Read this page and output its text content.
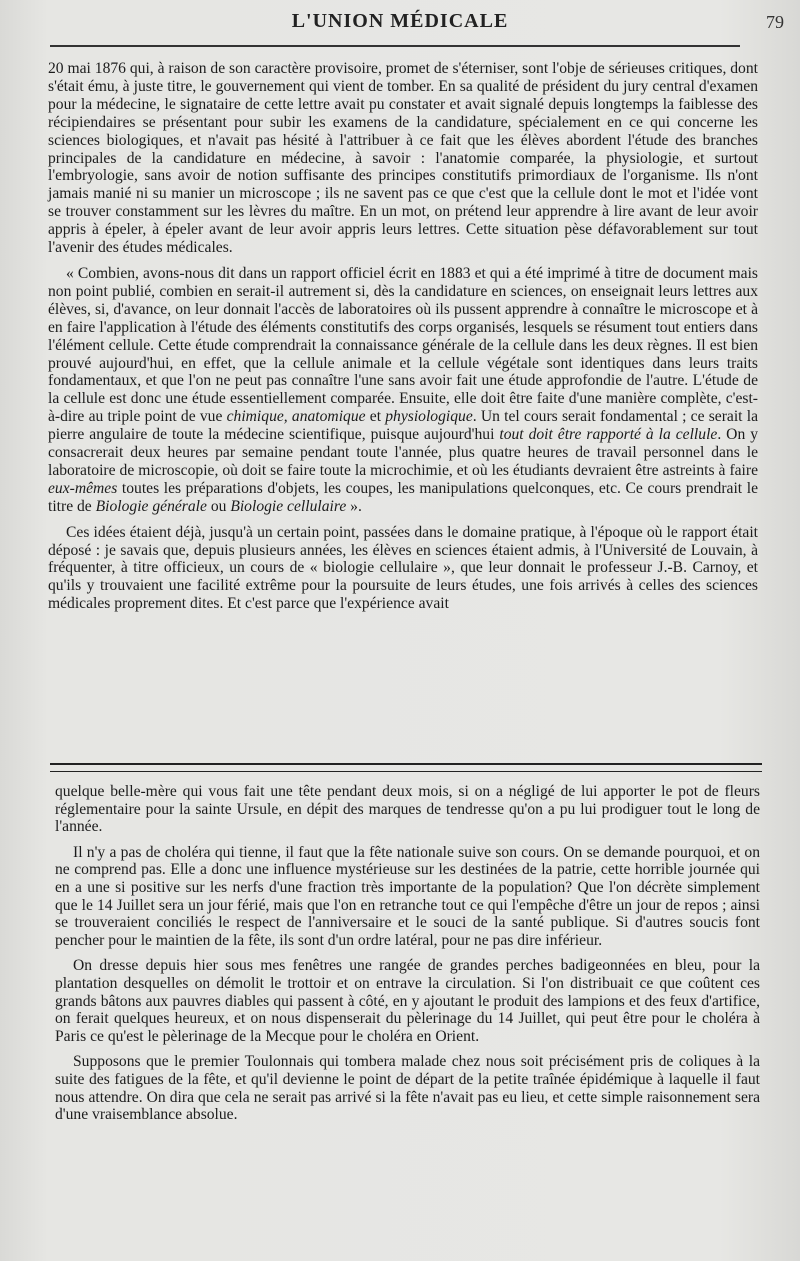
L'UNION MÉDICALE	79

20 mai 1876 qui, à raison de son caractère provisoire, promet de s'éterniser, sont l'obje de sérieuses critiques, dont s'était ému, à juste titre, le gouvernement qui vient de tomber. En sa qualité de président du jury central d'examen pour la médecine, le signataire de cette lettre avait pu constater et avait signalé depuis longtemps la faiblesse des récipiendaires se présentant pour subir les examens de la candidature, spécialement en ce qui concerne les sciences biologiques, et n'avait pas hésité à l'attribuer à ce fait que les élèves abordent l'étude des branches principales de la candidature en médecine, à savoir : l'anatomie comparée, la physiologie, et surtout l'embryologie, sans avoir de notion suffisante des principes constitutifs primordiaux de l'organisme. Ils n'ont jamais manié ni su manier un microscope ; ils ne savent pas ce que c'est que la cellule dont le mot et l'idée vont se trouver constamment sur les lèvres du maître. En un mot, on prétend leur apprendre à lire avant de leur avoir appris à épeler, à épeler avant de leur avoir appris leurs lettres. Cette situation pèse défavorablement sur tout l'avenir des études médicales.

« Combien, avons-nous dit dans un rapport officiel écrit en 1883 et qui a été imprimé à titre de document mais non point publié, combien en serait-il autrement si, dès la candidature en sciences, on enseignait leurs lettres aux élèves, si, d'avance, on leur donnait l'accès de laboratoires où ils pussent apprendre à connaître le microscope et à en faire l'application à l'étude des éléments constitutifs des corps organisés, lesquels se résument tout entiers dans l'élément cellule. Cette étude comprendrait la connaissance générale de la cellule dans les deux règnes. Il est bien prouvé aujourd'hui, en effet, que la cellule animale et la cellule végétale sont identiques dans leurs traits fondamentaux, et que l'on ne peut pas connaître l'une sans avoir fait une étude approfondie de l'autre. L'étude de la cellule est donc une étude essentiellement comparée. Ensuite, elle doit être faite d'une manière complète, c'est-à-dire au triple point de vue chimique, anatomique et physiologique. Un tel cours serait fondamental ; ce serait la pierre angulaire de toute la médecine scientifique, puisque aujourd'hui tout doit être rapporté à la cellule. On y consacrerait deux heures par semaine pendant toute l'année, plus quatre heures de travail personnel dans le laboratoire de microscopie, où doit se faire toute la microchimie, et où les étudiants devraient être astreints à faire eux-mêmes toutes les préparations d'objets, les coupes, les manipulations quelconques, etc. Ce cours prendrait le titre de Biologie générale ou Biologie cellulaire ».

Ces idées étaient déjà, jusqu'à un certain point, passées dans le domaine pratique, à l'époque où le rapport était déposé : je savais que, depuis plusieurs années, les élèves en sciences étaient admis, à l'Université de Louvain, à fréquenter, à titre officieux, un cours de « biologie cellulaire », que leur donnait le professeur J.-B. Carnoy, et qu'ils y trouvaient une facilité extrême pour la poursuite de leurs études, une fois arrivés à celles des sciences médicales proprement dites. Et c'est parce que l'expérience avait

quelque belle-mère qui vous fait une tête pendant deux mois, si on a négligé de lui apporter le pot de fleurs réglementaire pour la sainte Ursule, en dépit des marques de tendresse qu'on a pu lui prodiguer tout le long de l'année.

Il n'y a pas de choléra qui tienne, il faut que la fête nationale suive son cours. On se demande pourquoi, et on ne comprend pas. Elle a donc une influence mystérieuse sur les destinées de la patrie, cette horrible journée qui en a une si positive sur les nerfs d'une fraction très importante de la population? Que l'on décrète simplement que le 14 Juillet sera un jour férié, mais que l'on en retranche tout ce qui l'empêche d'être un jour de repos ; ainsi se trouveraient conciliés le respect de l'anniversaire et le souci de la santé publique. Si d'autres soucis font pencher pour le maintien de la fête, ils sont d'un ordre latéral, pour ne pas dire inférieur.

On dresse depuis hier sous mes fenêtres une rangée de grandes perches badigeonnées en bleu, pour la plantation desquelles on démolit le trottoir et on entrave la circulation. Si l'on distribuait ce que coûtent ces grands bâtons aux pauvres diables qui passent à côté, en y ajoutant le produit des lampions et des feux d'artifice, on ferait quelques heureux, et on nous dispenserait du pèlerinage du 14 Juillet, qui peut être pour le choléra à Paris ce qu'est le pèlerinage de la Mecque pour le choléra en Orient.

Supposons que le premier Toulonnais qui tombera malade chez nous soit précisément pris de coliques à la suite des fatigues de la fête, et qu'il devienne le point de départ de la petite traînée épidémique à laquelle il faut nous attendre. On dira que cela ne serait pas arrivé si la fête n'avait pas eu lieu, et cette simple raisonnement sera d'une vraisemblance absolue.
